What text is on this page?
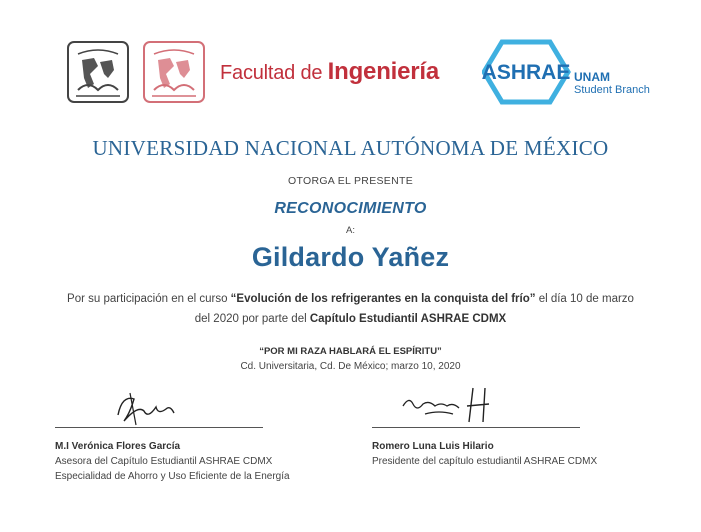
Facultad de Ingeniería ASHRAE UNAM
Student Branch
UNIVERSIDAD NACIONAL AUTÓNOMA DE MÉXICO
OTORGA EL PRESENTE
RECONOCIMIENTO
A:
Gildardo Yañez
Por su participación en el curso “Evolución de los refrigerantes en la conquista del frío” el día 10 de marzo
del 2020 por parte del Capítulo Estudiantil ASHRAE CDMX
“POR MI RAZA HABLARÁ EL ESPÍRITU”
Cd. Universitaria, Cd. De México; marzo 10, 2020
M.I Verónica Flores García
Asesora del Capítulo Estudiantil ASHRAE CDMX
Especialidad de Ahorro y Uso Eficiente de la Energía
Romero Luna Luis Hilario
Presidente del capítulo estudiantil ASHRAE CDMX
